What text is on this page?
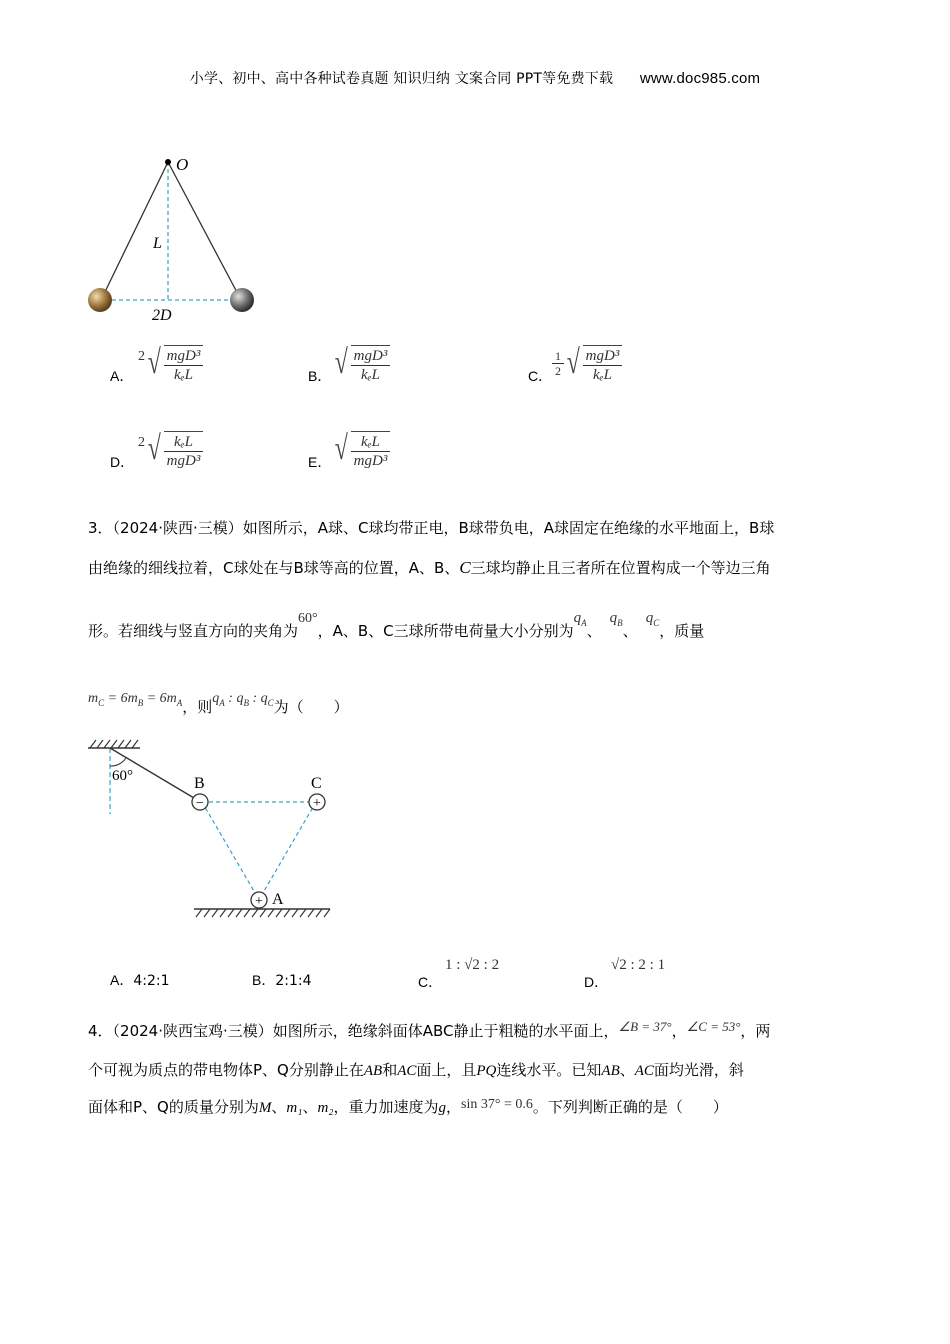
小学、初中、高中各种试卷真题 知识归纳 文案合同 PPT等免费下载 www.doc985.com
O
L
2D
A．
2 √ $\frac{\text{mgD³}}{\text{kₑL}}$	B． √ $\frac{\text{mgD³}}{\text{kₑL}}$	C． $\frac{1}{2}$ √ $\frac{\text{mgD³}}{\text{kₑL}}$
D．
2 √ $\frac{\text{kₑL}}{\text{mgD³}}$	E． √ $\frac{\text{kₑL}}{\text{mgD³}}$
3．（2024·陕西·三模）如图所示，A球、C球均带正电，B球带负电，A球固定在绝缘的水平地面上，B球
由绝缘的细线拉着，C球处在与B球等高的位置，A、B、C三球均静止且三者所在位置构成一个等边三角
形。若细线与竖直方向的夹角为60°，A、B、C三球所带电荷量大小分别为$q_A$、$q_B$、$q_C$，质量
$m_C = 6m_B = 6m_A$，则$q_A$ : $q_B$ : $q_C$为（　　）
60°
−	+
+
B	C
A
A．4:2:1	B．2:1:4	C．
1 : √2 : 2
D．
√2 : 2 : 1
4．（2024·陕西宝鸡·三模）如图所示，绝缘斜面体ABC静止于粗糙的水平面上，∠B = 37°，∠C = 53°，两
个可视为质点的带电物体P、Q分别静止在AB和AC面上，且PQ连线水平。已知AB、AC面均光滑，斜
面体和P、Q的质量分别为M、m₁、m₂，重力加速度为g，sin 37° = 0.6。下列判断正确的是（　　）
